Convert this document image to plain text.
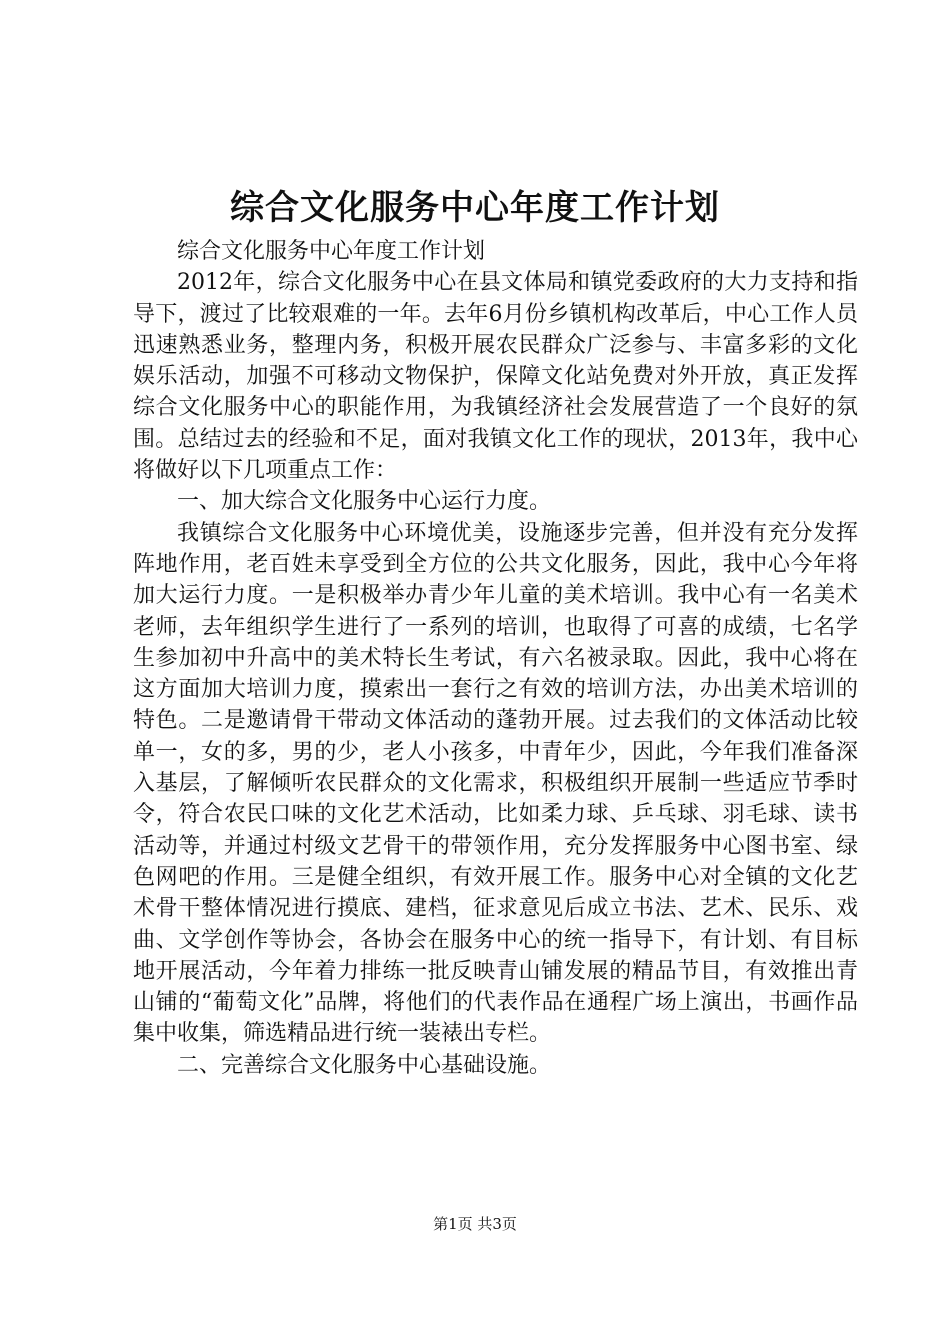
综合文化服务中心年度工作计划

综合文化服务中心年度工作计划

2012年，综合文化服务中心在县文体局和镇党委政府的大力支持和指导下，渡过了比较艰难的一年。去年6月份乡镇机构改革后，中心工作人员迅速熟悉业务，整理内务，积极开展农民群众广泛参与、丰富多彩的文化娱乐活动，加强不可移动文物保护，保障文化站免费对外开放，真正发挥综合文化服务中心的职能作用，为我镇经济社会发展营造了一个良好的氛围。总结过去的经验和不足，面对我镇文化工作的现状，2013年，我中心将做好以下几项重点工作：

一、加大综合文化服务中心运行力度。

我镇综合文化服务中心环境优美，设施逐步完善，但并没有充分发挥阵地作用，老百姓未享受到全方位的公共文化服务，因此，我中心今年将加大运行力度。一是积极举办青少年儿童的美术培训。我中心有一名美术老师，去年组织学生进行了一系列的培训，也取得了可喜的成绩，七名学生参加初中升高中的美术特长生考试，有六名被录取。因此，我中心将在这方面加大培训力度，摸索出一套行之有效的培训方法，办出美术培训的特色。二是邀请骨干带动文体活动的蓬勃开展。过去我们的文体活动比较单一，女的多，男的少，老人小孩多，中青年少，因此，今年我们准备深入基层，了解倾听农民群众的文化需求，积极组织开展制一些适应节季时令，符合农民口味的文化艺术活动，比如柔力球、乒乓球、羽毛球、读书活动等，并通过村级文艺骨干的带领作用，充分发挥服务中心图书室、绿色网吧的作用。三是健全组织，有效开展工作。服务中心对全镇的文化艺术骨干整体情况进行摸底、建档，征求意见后成立书法、艺术、民乐、戏曲、文学创作等协会，各协会在服务中心的统一指导下，有计划、有目标地开展活动，今年着力排练一批反映青山铺发展的精品节目，有效推出青山铺的“葡萄文化”品牌，将他们的代表作品在通程广场上演出，书画作品集中收集，筛选精品进行统一装裱出专栏。

二、完善综合文化服务中心基础设施。

第1页 共3页
